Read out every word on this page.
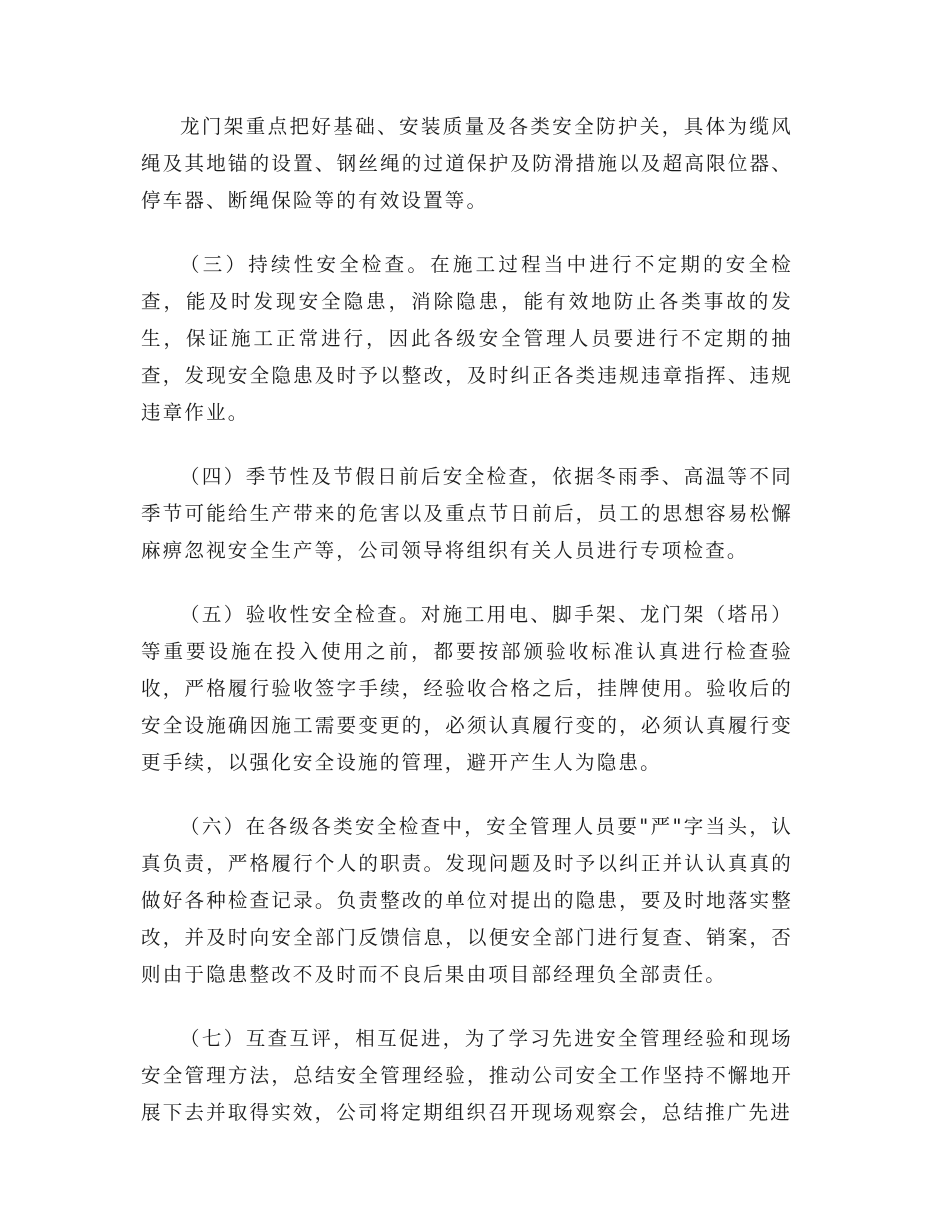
龙门架重点把好基础、安装质量及各类安全防护关，具体为缆风绳及其地锚的设置、钢丝绳的过道保护及防滑措施以及超高限位器、停车器、断绳保险等的有效设置等。

（三）持续性安全检查。在施工过程当中进行不定期的安全检查，能及时发现安全隐患，消除隐患，能有效地防止各类事故的发生，保证施工正常进行，因此各级安全管理人员要进行不定期的抽查，发现安全隐患及时予以整改，及时纠正各类违规违章指挥、违规违章作业。

（四）季节性及节假日前后安全检查，依据冬雨季、高温等不同季节可能给生产带来的危害以及重点节日前后，员工的思想容易松懈麻痹忽视安全生产等，公司领导将组织有关人员进行专项检查。

（五）验收性安全检查。对施工用电、脚手架、龙门架（塔吊）等重要设施在投入使用之前，都要按部颁验收标准认真进行检查验收，严格履行验收签字手续，经验收合格之后，挂牌使用。验收后的安全设施确因施工需要变更的，必须认真履行变的，必须认真履行变更手续，以强化安全设施的管理，避开产生人为隐患。

（六）在各级各类安全检查中，安全管理人员要"严"字当头，认真负责，严格履行个人的职责。发现问题及时予以纠正并认认真真的做好各种检查记录。负责整改的单位对提出的隐患，要及时地落实整改，并及时向安全部门反馈信息，以便安全部门进行复查、销案，否则由于隐患整改不及时而不良后果由项目部经理负全部责任。

（七）互查互评，相互促进，为了学习先进安全管理经验和现场安全管理方法，总结安全管理经验，推动公司安全工作坚持不懈地开展下去并取得实效，公司将定期组织召开现场观察会，总结推广先进
